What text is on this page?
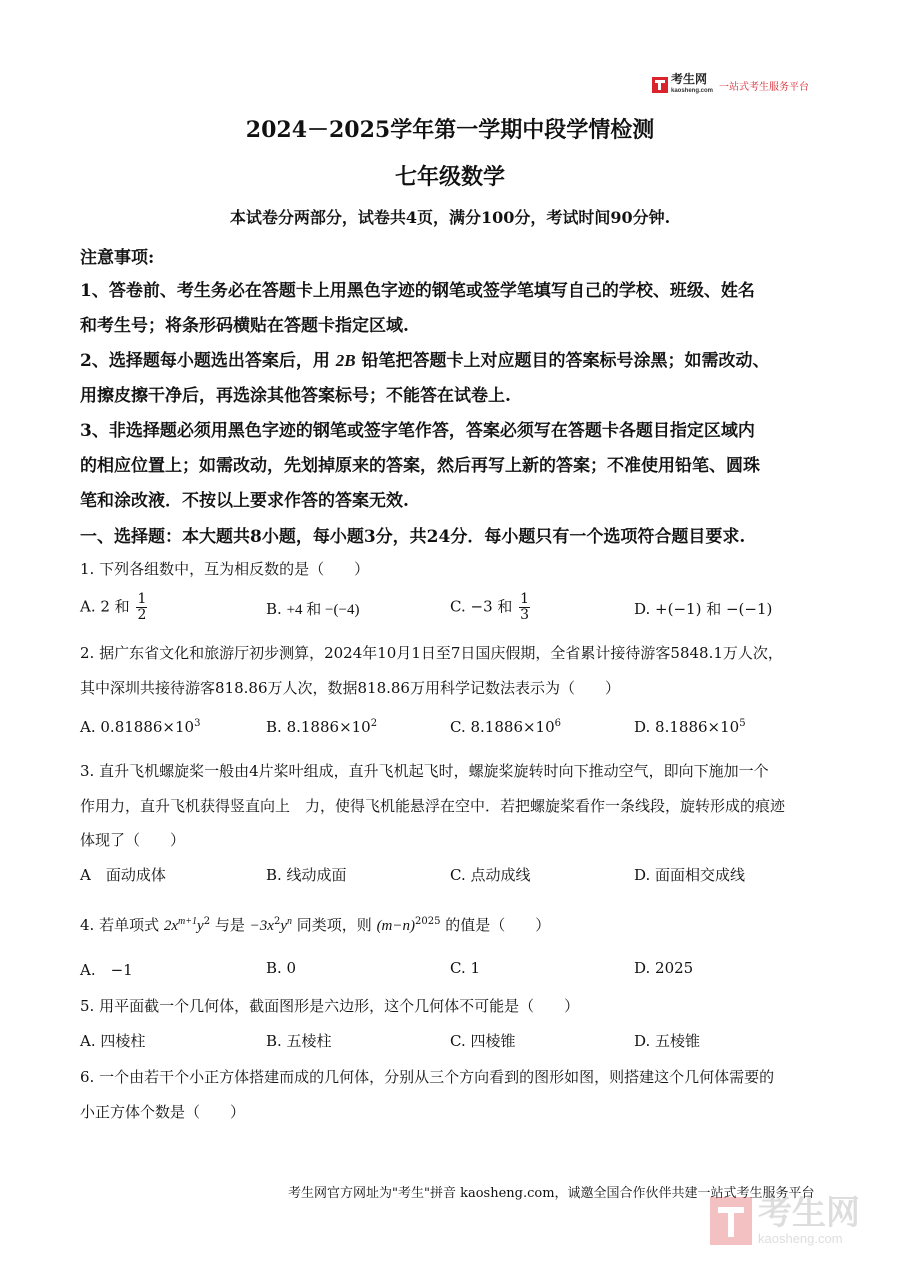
考生网
kaosheng.com 一站式考生服务平台
2024－2025学年第一学期中段学情检测
七年级数学
本试卷分两部分，试卷共4页，满分100分，考试时间90分钟.
注意事项:
1、答卷前、考生务必在答题卡上用黑色字迹的钢笔或签学笔填写自己的学校、班级、姓名
和考生号；将条形码横贴在答题卡指定区域.
2、选择题每小题选出答案后，用 2B 铅笔把答题卡上对应题目的答案标号涂黑；如需改动、
用擦皮擦干净后，再选涂其他答案标号；不能答在试卷上.
3、非选择题必须用黑色字迹的钢笔或签字笔作答，答案必须写在答题卡各题目指定区域内
的相应位置上；如需改动，先划掉原来的答案，然后再写上新的答案；不准使用铅笔、圆珠
笔和涂改液．不按以上要求作答的答案无效.
一、选择题：本大题共8小题，每小题3分，共24分．每小题只有一个选项符合题目要求.
1. 下列各组数中，互为相反数的是（　　）
A. 2 和 $\frac{1}{2}$	B. +4 和 −(−4)	C. −3 和 $\frac{1}{3}$	D. +(−1) 和 −(−1)
2. 据广东省文化和旅游厅初步测算，2024年10月1日至7日国庆假期，全省累计接待游客5848.1万人次，
其中深圳共接待游客818.86万人次，数据818.86万用科学记数法表示为（　　）
A. $0.81886\times 10^3$	B. $8.1886\times 10^2$	C. $8.1886\times 10^6$	D. $8.1886\times 10^5$
3. 直升飞机螺旋桨一般由4片桨叶组成，直升飞机起飞时，螺旋桨旋转时向下推动空气，即向下施加一个
作用力，直升飞机获得竖直向上　力，使得飞机能悬浮在空中．若把螺旋桨看作一条线段，旋转形成的痕迹
体现了（　　）
A　面动成体	B. 线动成面	C. 点动成线	D. 面面相交成线
4. 若单项式 $2x^{m+1}y^2$ 与是 $-3x^2y^n$ 同类项，则 $(m-n)^{2025}$ 的值是（　　）
A.　−1	B. 0	C. 1	D. 2025
5. 用平面截一个几何体，截面图形是六边形，这个几何体不可能是（　　）
A. 四棱柱	B. 五棱柱	C. 四棱锥	D. 五棱锥
6. 一个由若干个小正方体搭建而成的几何体，分别从三个方向看到的图形如图，则搭建这个几何体需要的
小正方体个数是（　　）
考生网官方网址为"考生"拼音 kaosheng.com，诚邀全国合作伙伴共建一站式考生服务平台
考生网
kaosheng.com
